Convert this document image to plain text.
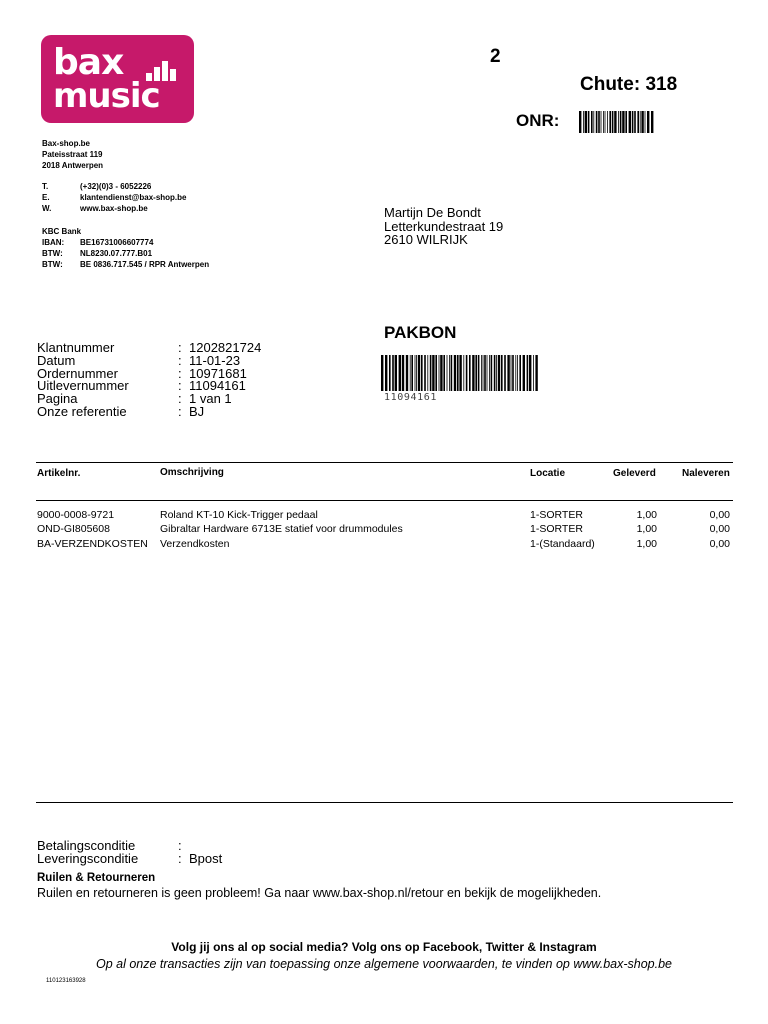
bax
music
2
Chute: 318
ONR:
Bax-shop.be
Pateisstraat 119
2018 Antwerpen
T.	(+32)(0)3 - 6052226
E.	klantendienst@bax-shop.be
W.	www.bax-shop.be
KBC Bank
IBAN:	BE16731006607774
BTW:	NL8230.07.777.B01
BTW:	BE 0836.717.545 / RPR Antwerpen
Martijn De Bondt
Letterkundestraat 19
2610 WILRIJK
PAKBON
11094161
Klantnummer	: 1202821724
Datum	: 11-01-23
Ordernummer	: 10971681
Uitlevernummer	: 11094161
Pagina	: 1 van 1
Onze referentie	: BJ
Artikelnr.	Omschrijving	Locatie	Geleverd	Naleveren
9000-0008-9721	Roland KT-10 Kick-Trigger pedaal	1-SORTER	1,00	0,00
OND-GI805608	Gibraltar Hardware 6713E statief voor drummodules	1-SORTER	1,00	0,00
BA-VERZENDKOSTEN Verzendkosten	1-(Standaard)	1,00	0,00
Betalingsconditie	:
Leveringsconditie	: Bpost
Ruilen & Retourneren
Ruilen en retourneren is geen probleem! Ga naar www.bax-shop.nl/retour en bekijk de mogelijkheden.
Volg jij ons al op social media? Volg ons op Facebook, Twitter & Instagram
Op al onze transacties zijn van toepassing onze algemene voorwaarden, te vinden op www.bax-shop.be
110123163928
